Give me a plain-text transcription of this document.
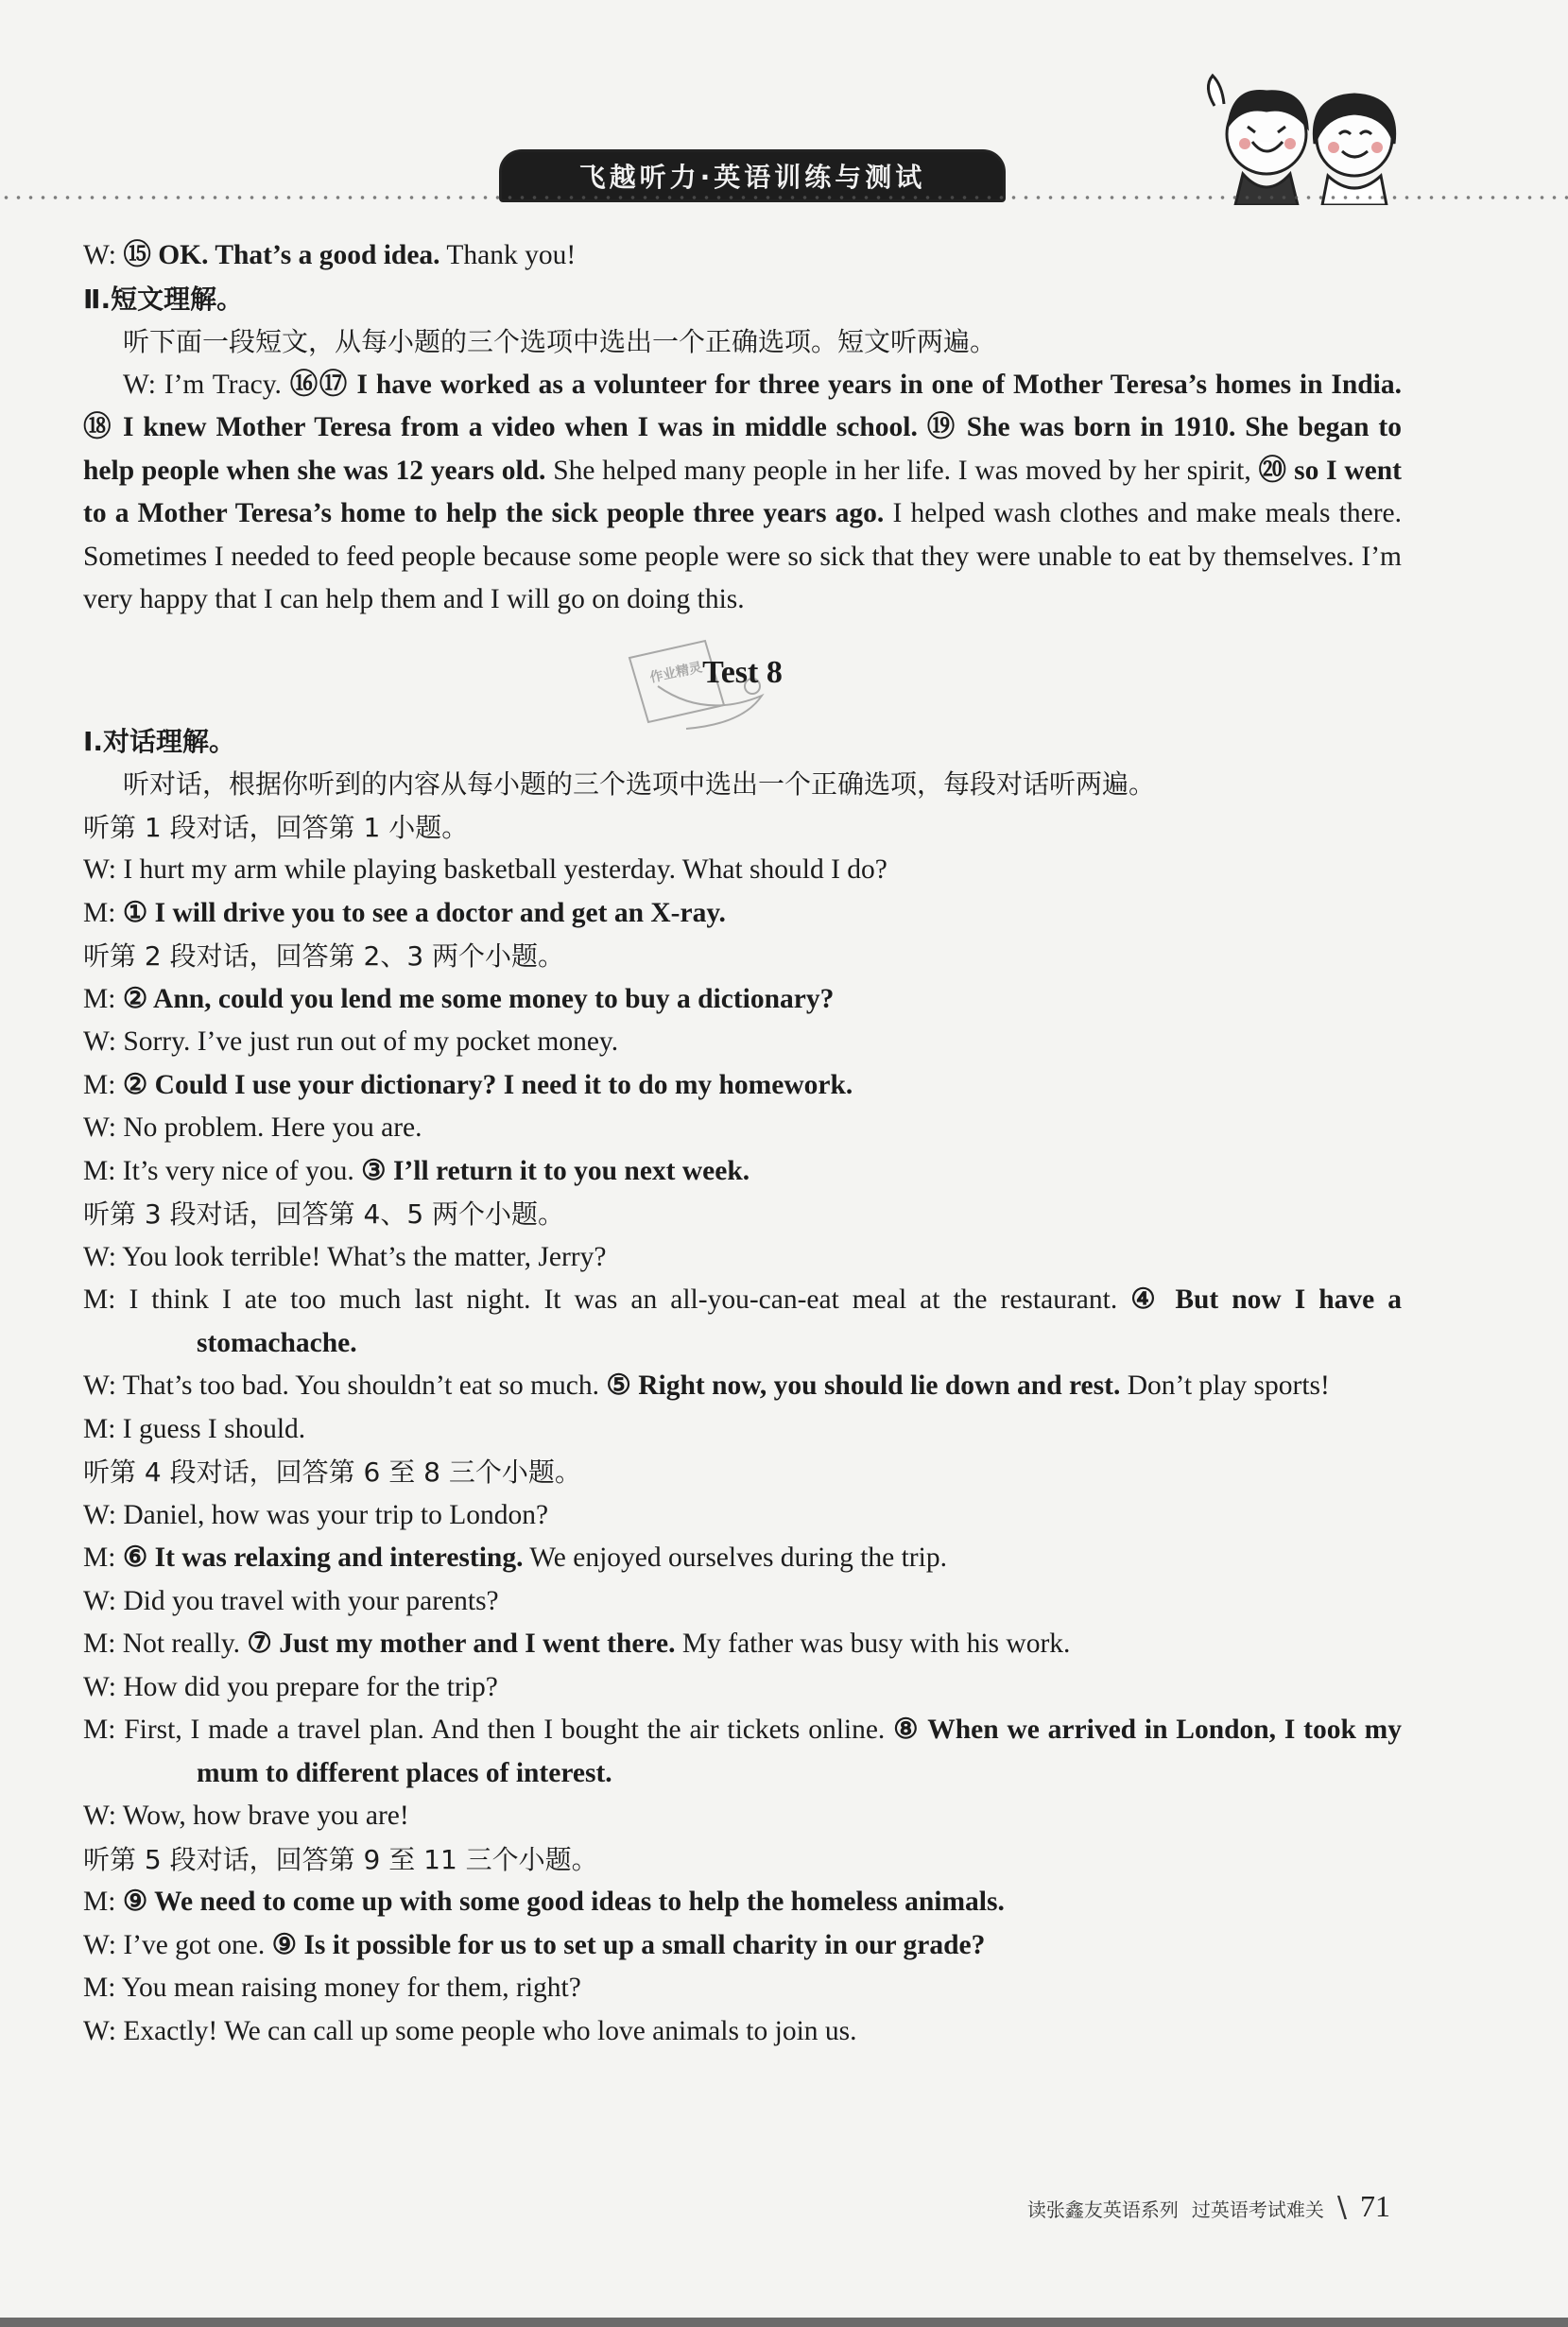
飞越听力·英语训练与测试

W: ⑮ OK. That’s a good idea. Thank you!

Ⅱ.短文理解。

听下面一段短文，从每小题的三个选项中选出一个正确选项。短文听两遍。

W: I’m Tracy. ⑯⑰ I have worked as a volunteer for three years in one of Mother Teresa’s homes in India. ⑱ I knew Mother Teresa from a video when I was in middle school. ⑲ She was born in 1910. She began to help people when she was 12 years old. She helped many people in her life. I was moved by her spirit, ⑳ so I went to a Mother Teresa’s home to help the sick people three years ago. I helped wash clothes and make meals there. Sometimes I needed to feed people because some people were so sick that they were unable to eat by themselves. I’m very happy that I can help them and I will go on doing this.

作业精灵
Test 8

Ⅰ.对话理解。

听对话，根据你听到的内容从每小题的三个选项中选出一个正确选项，每段对话听两遍。

听第 1 段对话，回答第 1 小题。

W: I hurt my arm while playing basketball yesterday. What should I do?

M: ① I will drive you to see a doctor and get an X-ray.

听第 2 段对话，回答第 2、3 两个小题。

M: ② Ann, could you lend me some money to buy a dictionary?

W: Sorry. I’ve just run out of my pocket money.

M: ② Could I use your dictionary? I need it to do my homework.

W: No problem. Here you are.

M: It’s very nice of you. ③ I’ll return it to you next week.

听第 3 段对话，回答第 4、5 两个小题。

W: You look terrible! What’s the matter, Jerry?

M: I think I ate too much last night. It was an all-you-can-eat meal at the restaurant. ④ But now I have a stomachache.

W: That’s too bad. You shouldn’t eat so much. ⑤ Right now, you should lie down and rest. Don’t play sports!

M: I guess I should.

听第 4 段对话，回答第 6 至 8 三个小题。

W: Daniel, how was your trip to London?

M: ⑥ It was relaxing and interesting. We enjoyed ourselves during the trip.

W: Did you travel with your parents?

M: Not really. ⑦ Just my mother and I went there. My father was busy with his work.

W: How did you prepare for the trip?

M: First, I made a travel plan. And then I bought the air tickets online. ⑧ When we arrived in London, I took my mum to different places of interest.

W: Wow, how brave you are!

听第 5 段对话，回答第 9 至 11 三个小题。

M: ⑨ We need to come up with some good ideas to help the homeless animals.

W: I’ve got one. ⑨ Is it possible for us to set up a small charity in our grade?

M: You mean raising money for them, right?

W: Exactly! We can call up some people who love animals to join us.

读张鑫友英语系列 过英语考试难关 \ 71
